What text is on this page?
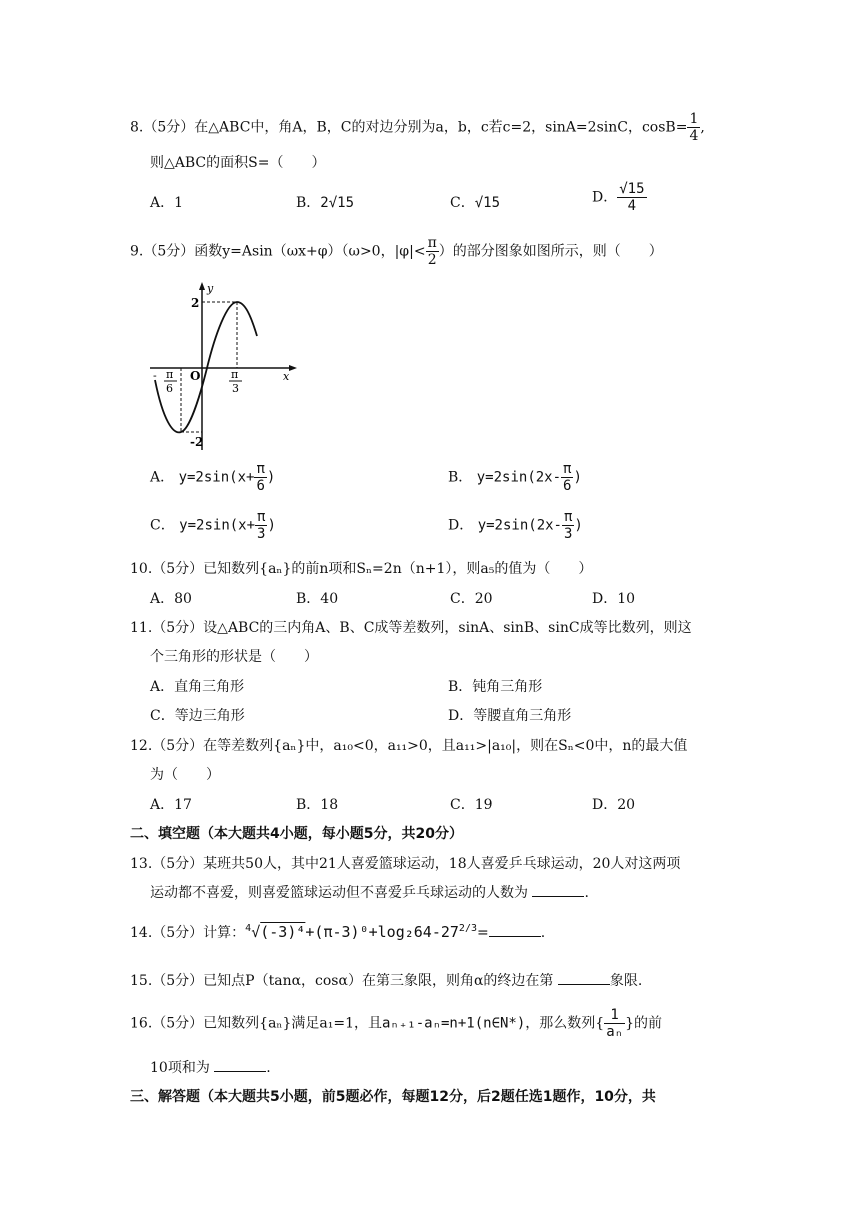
8.（5分）在△ABC中，角A，B，C的对边分别为a，b，c若c=2，sinA=2sinC，$\cos B= \frac{1}{4}$ ,
则△ABC的面积S=（　　）
A．1	B．2√15	C．√15	D． $\frac{√15}{4}$
9.（5分）函数y=Asin（ωx+φ）（ω>0，$|\varphi|< \frac{\pi}{2}$ ）的部分图象如图所示，则（　　）
2
y
x
O
- π
6
π
3
-2
A． $y=2\sin(x+ \frac{\pi}{6}$ )	B． $y=2\sin(2x- \frac{\pi}{6}$ )
C． $y=2\sin(x+ \frac{\pi}{3}$ )	D． $y=2\sin(2x- \frac{\pi}{3}$ )
10.（5分）已知数列{aₙ}的前n项和Sₙ=2n（n+1），则a₅的值为（　　）
A．80	B．40	C．20	D．10
11.（5分）设△ABC的三内角A、B、C成等差数列，sinA、sinB、sinC成等比数列，则这
个三角形的形状是（　　）
A．直角三角形	B．钝角三角形
C．等边三角形	D．等腰直角三角形
12.（5分）在等差数列{aₙ}中，a₁₀<0，a₁₁>0，且a₁₁>|a₁₀|，则在Sₙ<0中，n的最大值
为（　　）
A．17	B．18	C．19	D．20
二、填空题（本大题共4小题，每小题5分，共20分）
13.（5分）某班共50人，其中21人喜爱篮球运动，18人喜爱乒乓球运动，20人对这两项
运动都不喜爱，则喜爱篮球运动但不喜爱乒乓球运动的人数为	.
14.（5分）计算：$^4√(-3)^4+(\pi-3)^0+\log_264-27^{2/3}=$	.
15.（5分）已知点P（tanα，cosα）在第三象限，则角α的终边在第	象限.
16.（5分）已知数列{aₙ}满足a₁=1，且aₙ₊₁-aₙ=n+1(n∈N*)，那么数列{ $\frac{1}{\text{aₙ}}$ }的前
10项和为	.
三、解答题（本大题共5小题，前5题必作，每题12分，后2题任选1题作，10分，共
